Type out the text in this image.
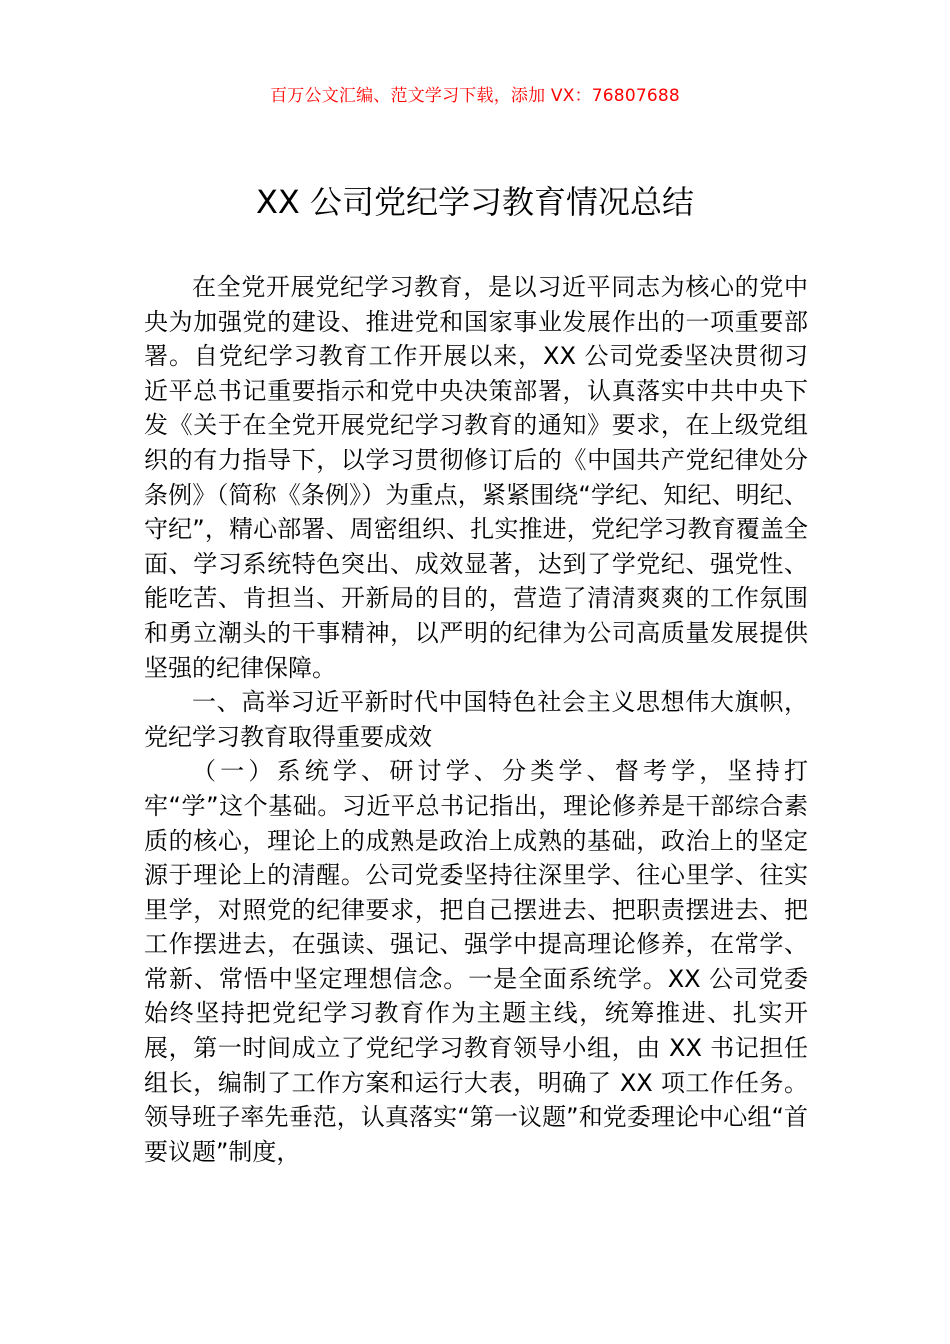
百万公文汇编、范文学习下载，添加 VX：76807688
XX 公司党纪学习教育情况总结

在全党开展党纪学习教育，是以习近平同志为核心的党中央为加强党的建设、推进党和国家事业发展作出的一项重要部署。自党纪学习教育工作开展以来，XX 公司党委坚决贯彻习近平总书记重要指示和党中央决策部署，认真落实中共中央下发《关于在全党开展党纪学习教育的通知》要求，在上级党组织的有力指导下，以学习贯彻修订后的《中国共产党纪律处分条例》（简称《条例》）为重点，紧紧围绕“学纪、知纪、明纪、守纪”，精心部署、周密组织、扎实推进，党纪学习教育覆盖全面、学习系统特色突出、成效显著，达到了学党纪、强党性、能吃苦、肯担当、开新局的目的，营造了清清爽爽的工作氛围和勇立潮头的干事精神，以严明的纪律为公司高质量发展提供坚强的纪律保障。

一、高举习近平新时代中国特色社会主义思想伟大旗帜，党纪学习教育取得重要成效

（一）系统学、研讨学、分类学、督考学，坚持打牢“学”这个基础。习近平总书记指出，理论修养是干部综合素质的核心，理论上的成熟是政治上成熟的基础，政治上的坚定源于理论上的清醒。公司党委坚持往深里学、往心里学、往实里学，对照党的纪律要求，把自己摆进去、把职责摆进去、把工作摆进去，在强读、强记、强学中提高理论修养，在常学、常新、常悟中坚定理想信念。一是全面系统学。XX 公司党委始终坚持把党纪学习教育作为主题主线，统筹推进、扎实开展，第一时间成立了党纪学习教育领导小组，由 XX 书记担任组长，编制了工作方案和运行大表，明确了 XX 项工作任务。领导班子率先垂范，认真落实“第一议题”和党委理论中心组“首要议题”制度，
